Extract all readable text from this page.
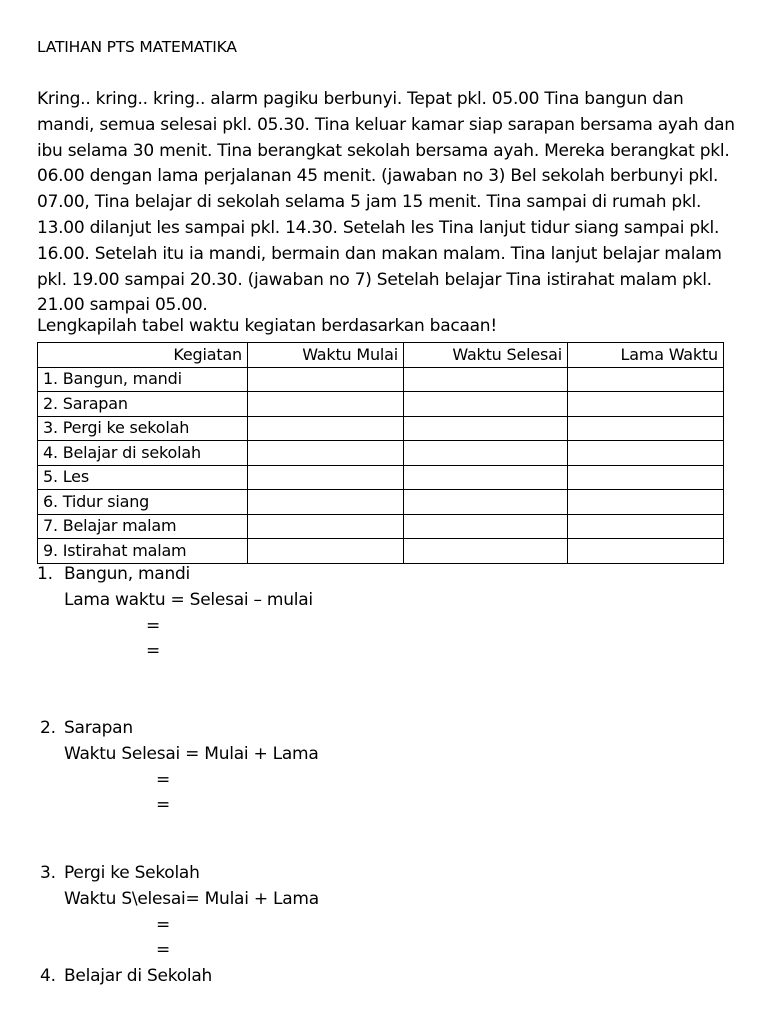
LATIHAN PTS MATEMATIKA
Kring.. kring.. kring.. alarm pagiku berbunyi. Tepat pkl. 05.00 Tina bangun dan
mandi, semua selesai pkl. 05.30. Tina keluar kamar siap sarapan bersama ayah dan
ibu selama 30 menit. Tina berangkat sekolah bersama ayah. Mereka berangkat pkl.
06.00 dengan lama perjalanan 45 menit. (jawaban no 3) Bel sekolah berbunyi pkl.
07.00, Tina belajar di sekolah selama 5 jam 15 menit. Tina sampai di rumah pkl.
13.00 dilanjut les sampai pkl. 14.30. Setelah les Tina lanjut tidur siang sampai pkl.
16.00. Setelah itu ia mandi, bermain dan makan malam. Tina lanjut belajar malam
pkl. 19.00 sampai 20.30. (jawaban no 7) Setelah belajar Tina istirahat malam pkl.
21.00 sampai 05.00.
Lengkapilah tabel waktu kegiatan berdasarkan bacaan!
Kegiatan	Waktu Mulai	Waktu Selesai	Lama Waktu
1. Bangun, mandi			
2. Sarapan			
3. Pergi ke sekolah			
4. Belajar di sekolah			
5. Les			
6. Tidur siang			
7. Belajar malam			
9. Istirahat malam			
1. Bangun, mandi
Lama waktu = Selesai – mulai
=
=
2. Sarapan
Waktu Selesai = Mulai + Lama
=
=
3. Pergi ke Sekolah
Waktu S\elesai= Mulai + Lama
=
=
4. Belajar di Sekolah
